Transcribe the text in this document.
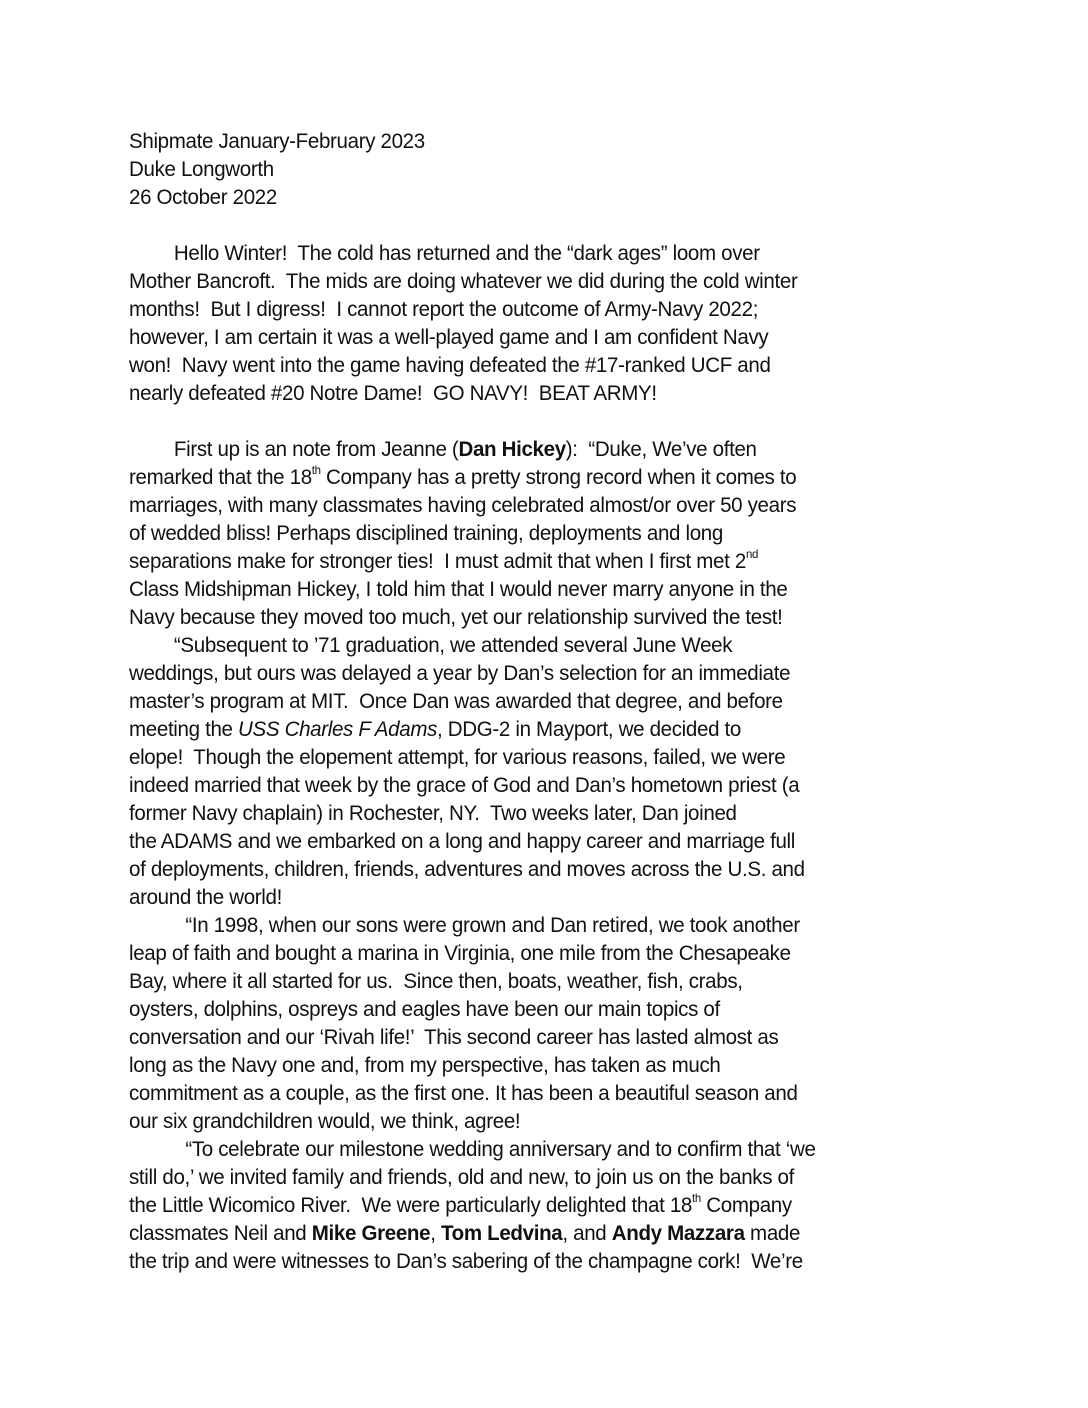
Shipmate January-February 2023
Duke Longworth
26 October 2022
Hello Winter!  The cold has returned and the “dark ages” loom over
Mother Bancroft.  The mids are doing whatever we did during the cold winter
months!  But I digress!  I cannot report the outcome of Army-Navy 2022;
however, I am certain it was a well-played game and I am confident Navy
won!  Navy went into the game having defeated the #17-ranked UCF and
nearly defeated #20 Notre Dame!  GO NAVY!  BEAT ARMY!
First up is an note from Jeanne (Dan Hickey):  “Duke, We’ve often
remarked that the 18th Company has a pretty strong record when it comes to
marriages, with many classmates having celebrated almost/or over 50 years
of wedded bliss! Perhaps disciplined training, deployments and long
separations make for stronger ties!  I must admit that when I first met 2nd
Class Midshipman Hickey, I told him that I would never marry anyone in the
Navy because they moved too much, yet our relationship survived the test!
“Subsequent to ’71 graduation, we attended several June Week
weddings, but ours was delayed a year by Dan’s selection for an immediate
master’s program at MIT.  Once Dan was awarded that degree, and before
meeting the USS Charles F Adams, DDG-2 in Mayport, we decided to
elope!  Though the elopement attempt, for various reasons, failed, we were
indeed married that week by the grace of God and Dan’s hometown priest (a
former Navy chaplain) in Rochester, NY.  Two weeks later, Dan joined
the ADAMS and we embarked on a long and happy career and marriage full
of deployments, children, friends, adventures and moves across the U.S. and
around the world!
“In 1998, when our sons were grown and Dan retired, we took another
leap of faith and bought a marina in Virginia, one mile from the Chesapeake
Bay, where it all started for us.  Since then, boats, weather, fish, crabs,
oysters, dolphins, ospreys and eagles have been our main topics of
conversation and our ‘Rivah life!’  This second career has lasted almost as
long as the Navy one and, from my perspective, has taken as much
commitment as a couple, as the first one. It has been a beautiful season and
our six grandchildren would, we think, agree!
“To celebrate our milestone wedding anniversary and to confirm that ‘we
still do,’ we invited family and friends, old and new, to join us on the banks of
the Little Wicomico River.  We were particularly delighted that 18th Company
classmates Neil and Mike Greene, Tom Ledvina, and Andy Mazzara made
the trip and were witnesses to Dan’s sabering of the champagne cork!  We’re
